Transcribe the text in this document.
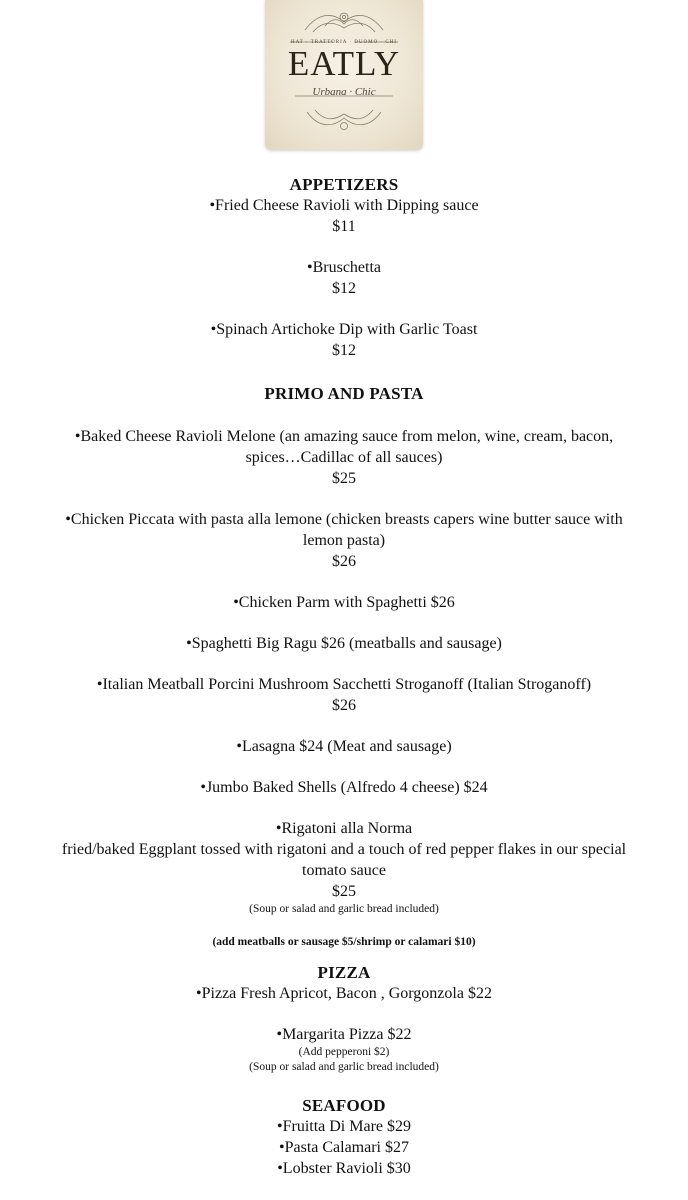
HAT · TRATTORIA · DUOMO · CHI
EATLY
Urbana · Chic

APPETIZERS

•Fried Cheese Ravioli with Dipping sauce

$11

•Bruschetta

$12

•Spinach Artichoke Dip with Garlic Toast

$12

PRIMO AND PASTA

•Baked Cheese Ravioli Melone (an amazing sauce from melon, wine, cream, bacon,

spices…Cadillac of all sauces)

$25

•Chicken Piccata with pasta alla lemone (chicken breasts capers wine butter sauce with

lemon pasta)

$26

•Chicken Parm with Spaghetti $26

•Spaghetti Big Ragu $26 (meatballs and sausage)

•Italian Meatball Porcini Mushroom Sacchetti Stroganoff (Italian Stroganoff)

$26

•Lasagna $24 (Meat and sausage)

•Jumbo Baked Shells (Alfredo 4 cheese) $24

•Rigatoni alla Norma

fried/baked Eggplant tossed with rigatoni and a touch of red pepper flakes in our special

tomato sauce

$25

(Soup or salad and garlic bread included)

(add meatballs or sausage $5/shrimp or calamari $10)

PIZZA

•Pizza Fresh Apricot, Bacon , Gorgonzola $22

•Margarita Pizza $22

(Add pepperoni $2)

(Soup or salad and garlic bread included)

SEAFOOD

•Fruitta Di Mare $29

•Pasta Calamari $27

•Lobster Ravioli $30
